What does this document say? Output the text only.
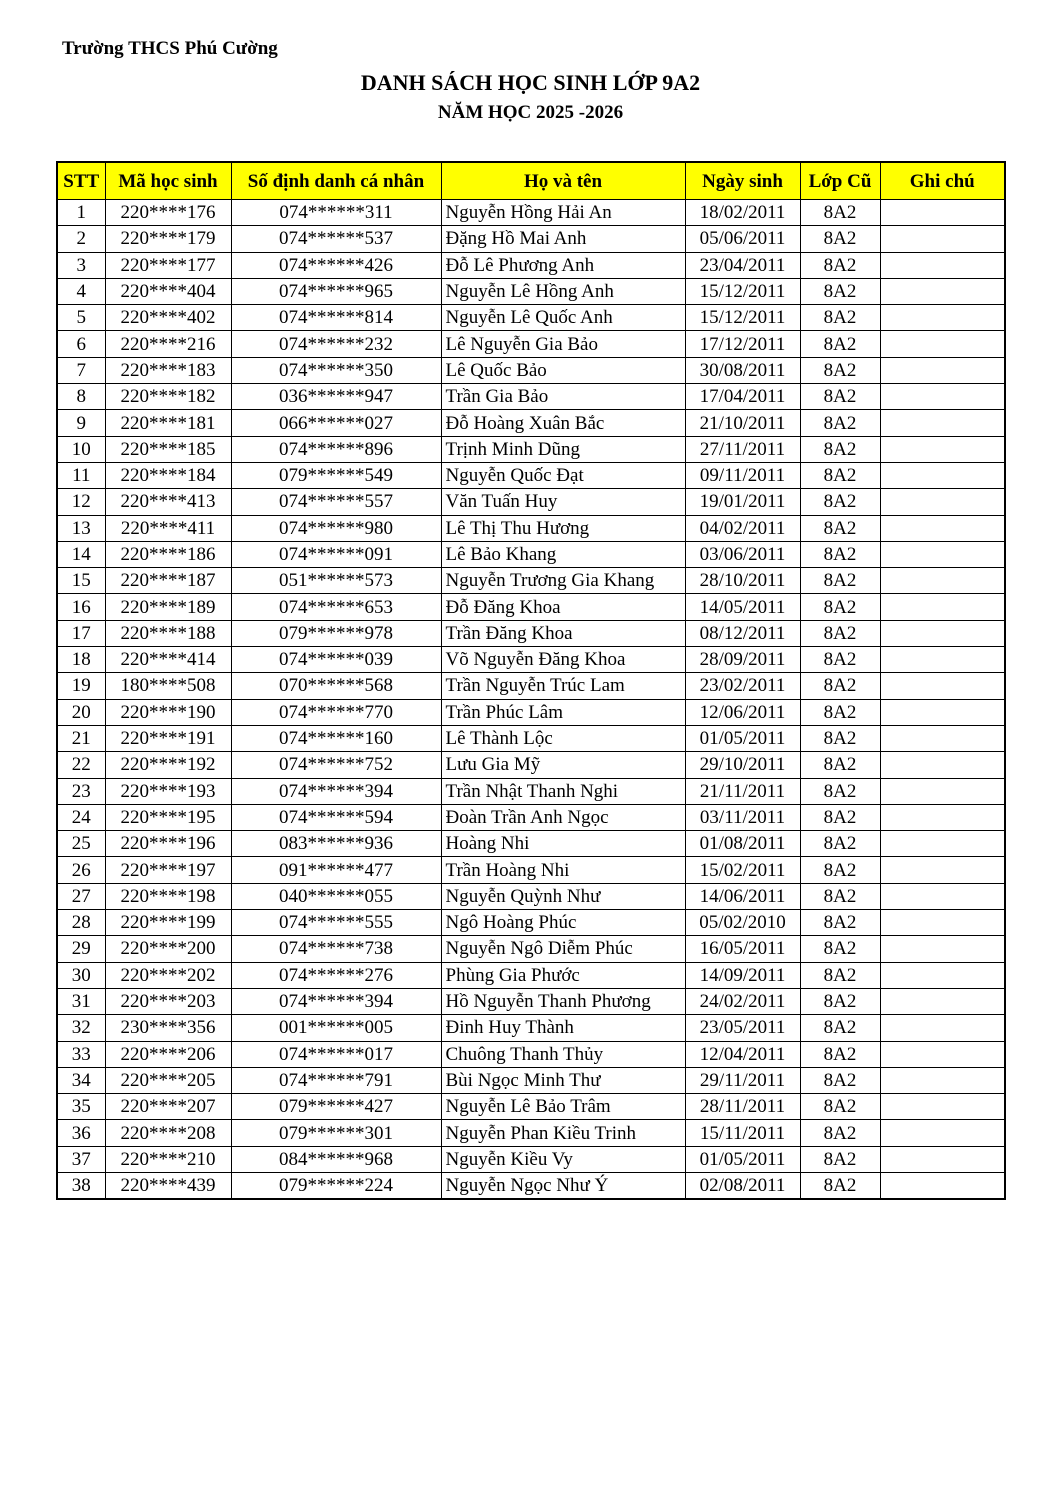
Trường THCS Phú Cường
DANH SÁCH HỌC SINH LỚP 9A2
NĂM HỌC 2025 -2026
STT	Mã học sinh	Số định danh cá nhân	Họ và tên	Ngày sinh	Lớp Cũ	Ghi chú
1	220****176	074******311	Nguyễn Hồng Hải An	18/02/2011	8A2	
2	220****179	074******537	Đặng Hồ Mai Anh	05/06/2011	8A2	
3	220****177	074******426	Đỗ Lê Phương Anh	23/04/2011	8A2	
4	220****404	074******965	Nguyễn Lê Hồng Anh	15/12/2011	8A2	
5	220****402	074******814	Nguyễn Lê Quốc Anh	15/12/2011	8A2	
6	220****216	074******232	Lê Nguyễn Gia Bảo	17/12/2011	8A2	
7	220****183	074******350	Lê Quốc Bảo	30/08/2011	8A2	
8	220****182	036******947	Trần Gia Bảo	17/04/2011	8A2	
9	220****181	066******027	Đỗ Hoàng Xuân Bắc	21/10/2011	8A2	
10	220****185	074******896	Trịnh Minh Dũng	27/11/2011	8A2	
11	220****184	079******549	Nguyễn Quốc Đạt	09/11/2011	8A2	
12	220****413	074******557	Văn Tuấn Huy	19/01/2011	8A2	
13	220****411	074******980	Lê Thị Thu Hương	04/02/2011	8A2	
14	220****186	074******091	Lê Bảo Khang	03/06/2011	8A2	
15	220****187	051******573	Nguyễn Trương Gia Khang	28/10/2011	8A2	
16	220****189	074******653	Đỗ Đăng Khoa	14/05/2011	8A2	
17	220****188	079******978	Trần Đăng Khoa	08/12/2011	8A2	
18	220****414	074******039	Võ Nguyễn Đăng Khoa	28/09/2011	8A2	
19	180****508	070******568	Trần Nguyễn Trúc Lam	23/02/2011	8A2	
20	220****190	074******770	Trần Phúc Lâm	12/06/2011	8A2	
21	220****191	074******160	Lê Thành Lộc	01/05/2011	8A2	
22	220****192	074******752	Lưu Gia Mỹ	29/10/2011	8A2	
23	220****193	074******394	Trần Nhật Thanh Nghi	21/11/2011	8A2	
24	220****195	074******594	Đoàn Trần Anh Ngọc	03/11/2011	8A2	
25	220****196	083******936	Hoàng Nhi	01/08/2011	8A2	
26	220****197	091******477	Trần Hoàng Nhi	15/02/2011	8A2	
27	220****198	040******055	Nguyễn Quỳnh Như	14/06/2011	8A2	
28	220****199	074******555	Ngô Hoàng Phúc	05/02/2010	8A2	
29	220****200	074******738	Nguyễn Ngô Diễm Phúc	16/05/2011	8A2	
30	220****202	074******276	Phùng Gia Phước	14/09/2011	8A2	
31	220****203	074******394	Hồ Nguyễn Thanh Phương	24/02/2011	8A2	
32	230****356	001******005	Đinh Huy Thành	23/05/2011	8A2	
33	220****206	074******017	Chuông Thanh Thủy	12/04/2011	8A2	
34	220****205	074******791	Bùi Ngọc Minh Thư	29/11/2011	8A2	
35	220****207	079******427	Nguyễn Lê Bảo Trâm	28/11/2011	8A2	
36	220****208	079******301	Nguyễn Phan Kiều Trinh	15/11/2011	8A2	
37	220****210	084******968	Nguyễn Kiều Vy	01/05/2011	8A2	
38	220****439	079******224	Nguyễn Ngọc Như Ý	02/08/2011	8A2	
